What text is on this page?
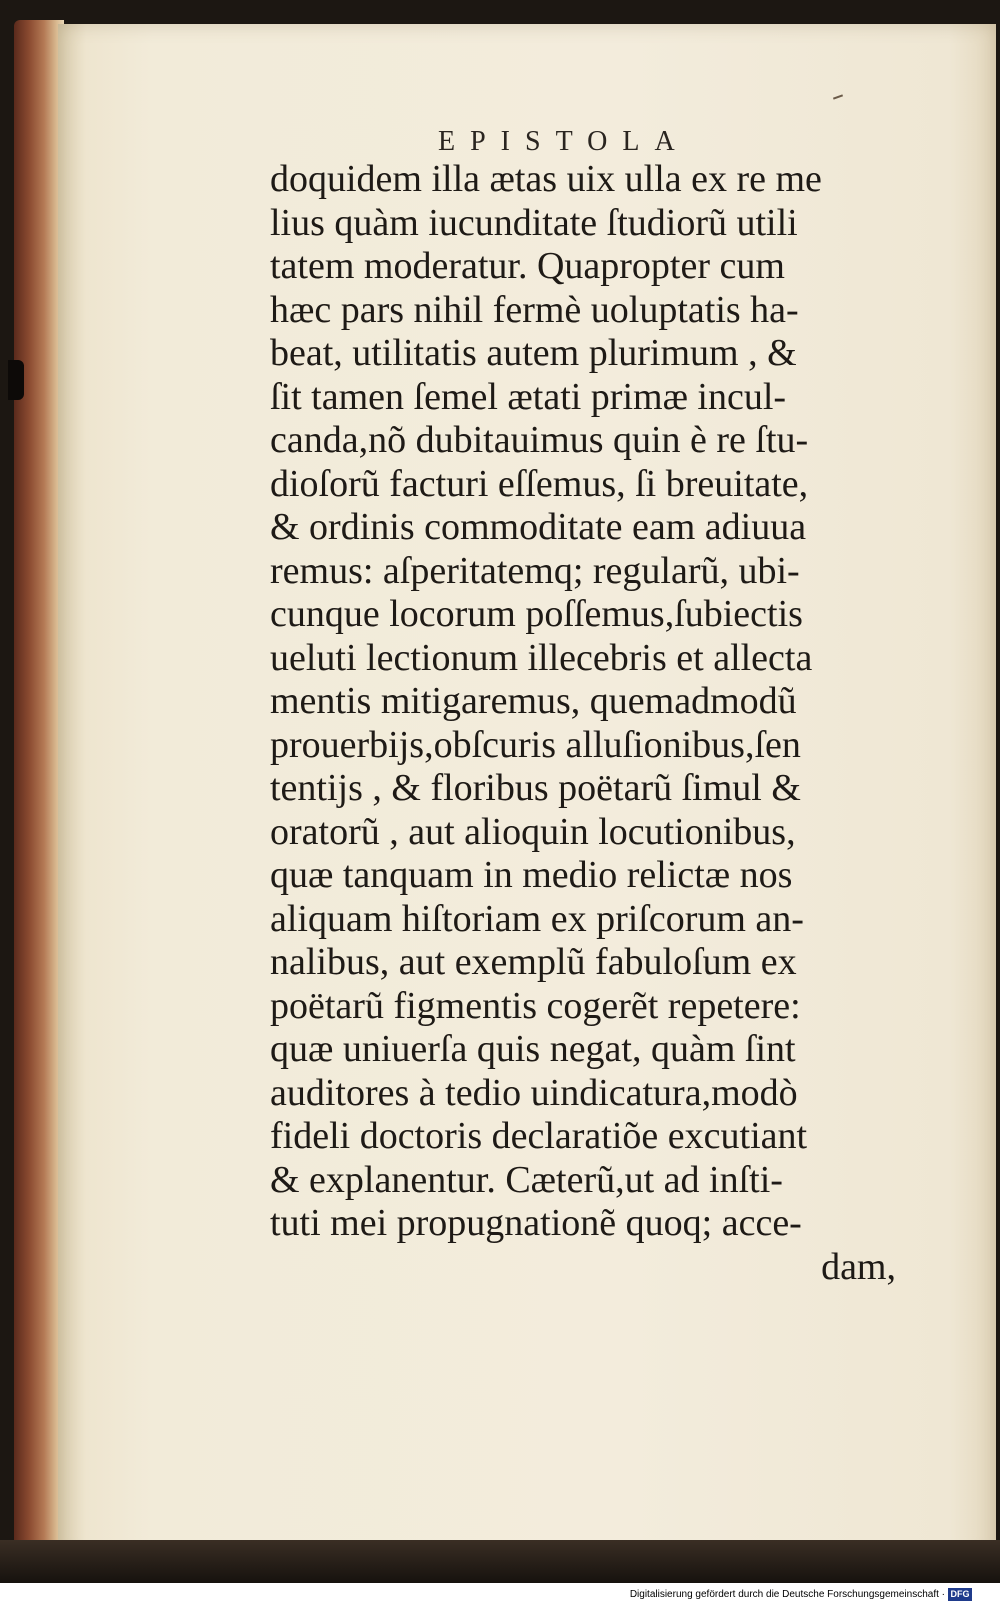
EPISTOLA
doquidem illa ætas uix ulla ex re me
lius quàm iucunditate ſtudiorũ utili
tatem moderatur. Quapropter cum
hæc pars nihil fermè uoluptatis ha-
beat, utilitatis autem plurimum , &
ſit tamen ſemel ætati primæ incul-
canda,nõ dubitauimus quin è re ſtu-
dioſorũ facturi eſſemus, ſi breuitate,
& ordinis commoditate eam adiuua
remus: aſperitatemq; regularũ, ubi-
cunque locorum poſſemus,ſubiectis
ueluti lectionum illecebris et allecta
mentis mitigaremus, quemadmodũ
prouerbijs,obſcuris alluſionibus,ſen
tentijs , & floribus poëtarũ ſimul &
oratorũ , aut alioquin locutionibus,
quæ tanquam in medio relictæ nos
aliquam hiſtoriam ex priſcorum an-
nalibus, aut exemplũ fabuloſum ex
poëtarũ figmentis cogerẽt repetere:
quæ uniuerſa quis negat, quàm ſint
auditores à tedio uindicatura,modò
fideli doctoris declaratiõe excutiant
& explanentur. Cæterũ,ut ad inſti-
tuti mei propugnationẽ quoq; acce-
dam,
Digitalisierung gefördert durch die Deutsche Forschungsgemeinschaft · DFG
